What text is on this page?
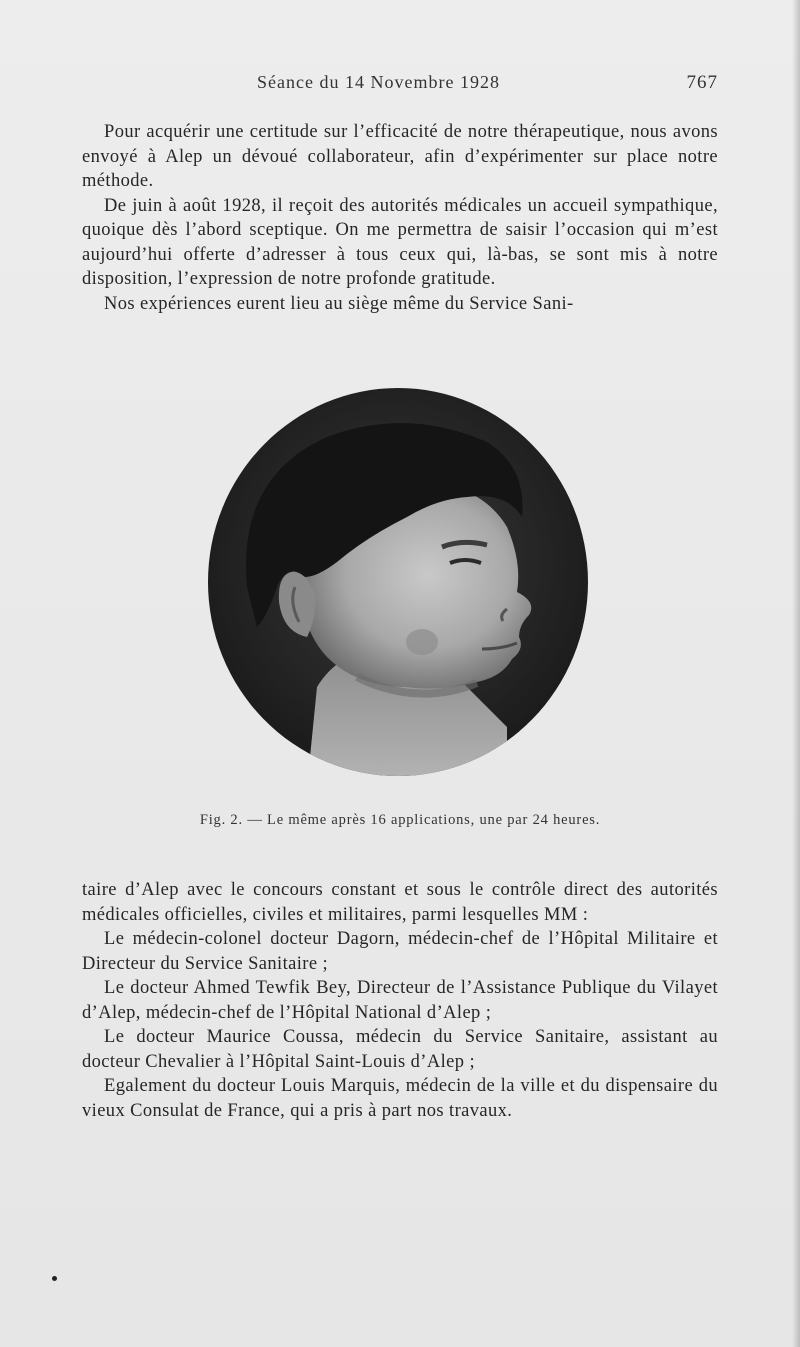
Séance du 14 Novembre 1928	767

Pour acquérir une certitude sur l’efficacité de notre thérapeutique, nous avons envoyé à Alep un dévoué collaborateur, afin d’expérimenter sur place notre méthode.

De juin à août 1928, il reçoit des autorités médicales un accueil sympathique, quoique dès l’abord sceptique. On me permettra de saisir l’occasion qui m’est aujourd’hui offerte d’adresser à tous ceux qui, là-bas, se sont mis à notre disposition, l’expression de notre profonde gratitude.

Nos expériences eurent lieu au siège même du Service Sani-

Fig. 2. — Le même après 16 applications, une par 24 heures.

taire d’Alep avec le concours constant et sous le contrôle direct des autorités médicales officielles, civiles et militaires, parmi lesquelles MM :

Le médecin-colonel docteur Dagorn, médecin-chef de l’Hôpital Militaire et Directeur du Service Sanitaire ;

Le docteur Ahmed Tewfik Bey, Directeur de l’Assistance Publique du Vilayet d’Alep, médecin-chef de l’Hôpital National d’Alep ;

Le docteur Maurice Coussa, médecin du Service Sanitaire, assistant au docteur Chevalier à l’Hôpital Saint-Louis d’Alep ;

Egalement du docteur Louis Marquis, médecin de la ville et du dispensaire du vieux Consulat de France, qui a pris à part nos travaux.
